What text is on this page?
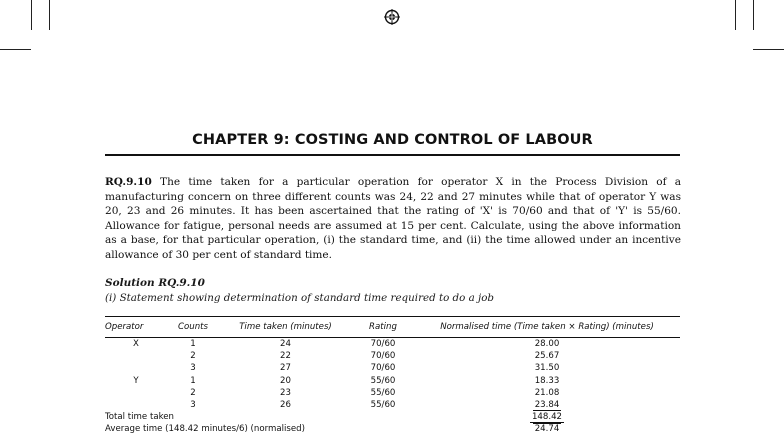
CHAPTER 9: COSTING AND CONTROL OF LABOUR
RQ.9.10 The time taken for a particular operation for operator X in the Process Division of a manufacturing concern on three different counts was 24, 22 and 27 minutes while that of operator Y was 20, 23 and 26 minutes. It has been ascertained that the rating of 'X' is 70/60 and that of 'Y' is 55/60. Allowance for fatigue, personal needs are assumed at 15 per cent. Calculate, using the above information as a base, for that particular operation, (i) the standard time, and (ii) the time allowed under an incentive allowance of 30 per cent of standard time.
Solution RQ.9.10
(i) Statement showing determination of standard time required to do a job
Operator	Counts	Time taken (minutes)	Rating	Normalised time (Time taken × Rating) (minutes)
X	1	24	70/60	28.00
	2	22	70/60	25.67
	3	27	70/60	31.50
Y	1	20	55/60	18.33
	2	23	55/60	21.08
	3	26	55/60	23.84
Total time taken				148.42
Average time (148.42 minutes/6) (normalised)				24.74
